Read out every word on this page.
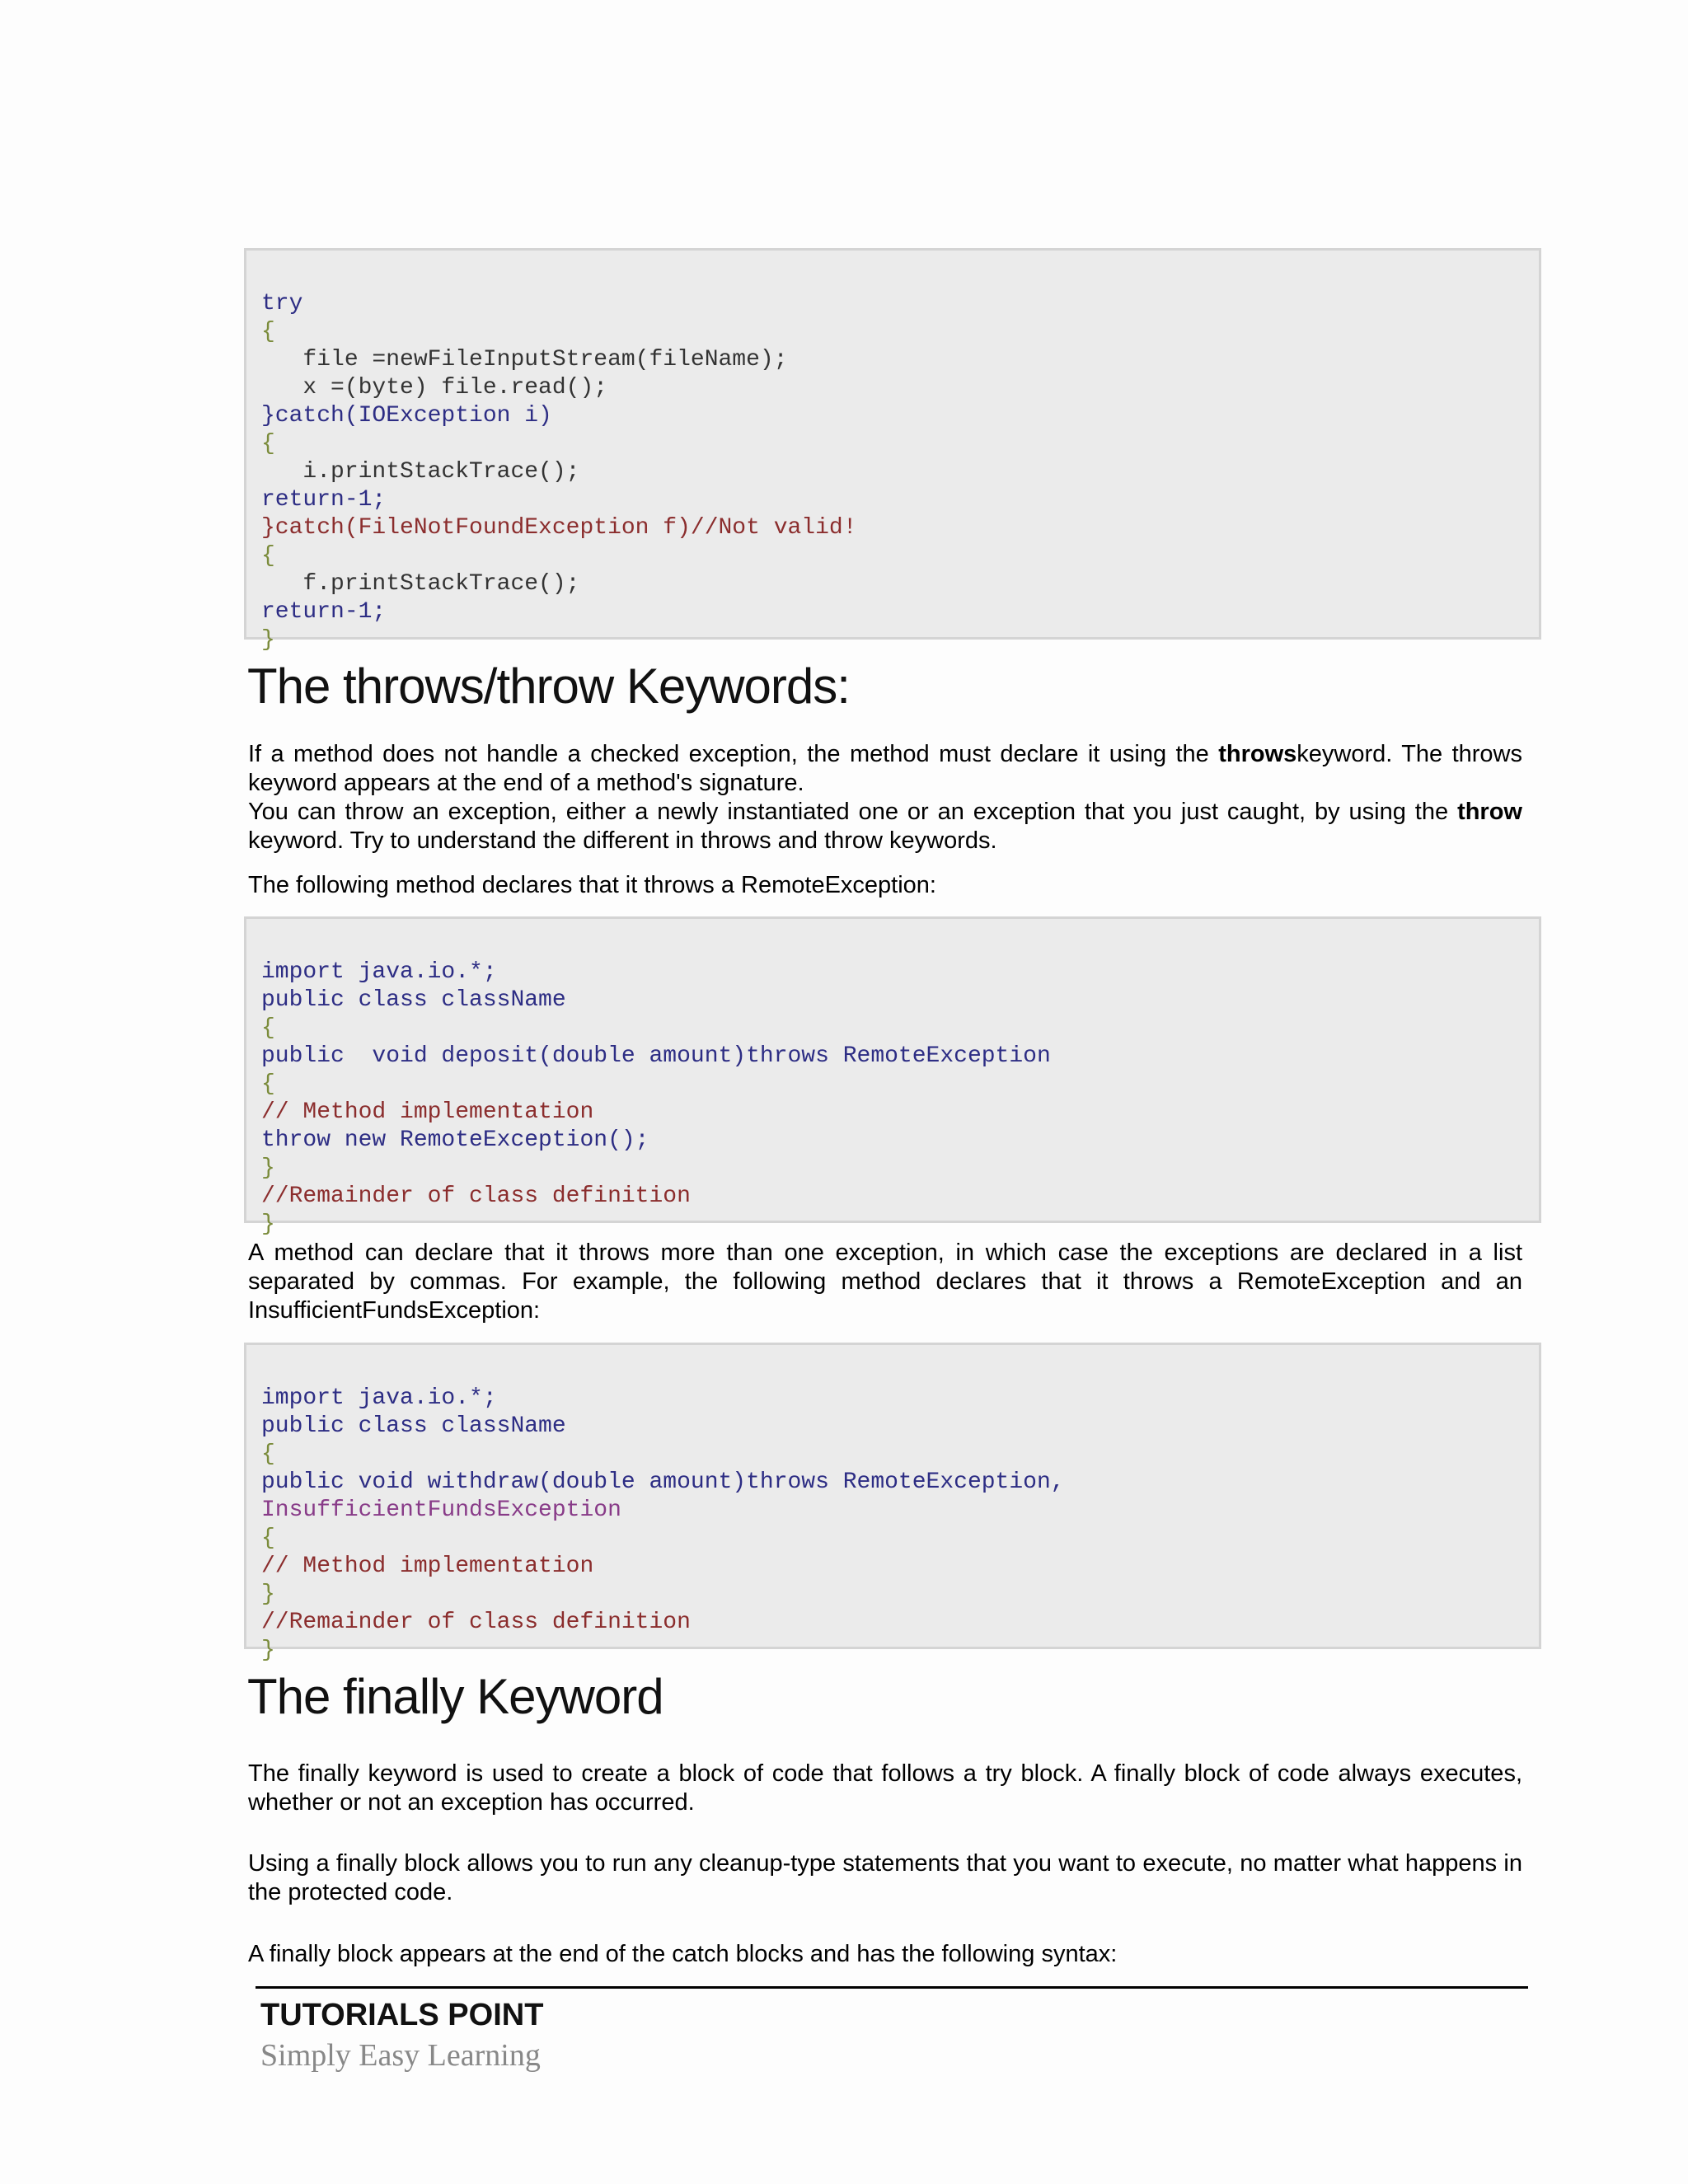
try
{
file =newFileInputStream(fileName);
x =(byte) file.read();
}catch(IOException i)
{
i.printStackTrace();
return-1;
}catch(FileNotFoundException f)//Not valid!
{
f.printStackTrace();
return-1;
}

The throws/throw Keywords:

If a method does not handle a checked exception, the method must declare it using the throwskeyword. The throws keyword appears at the end of a method's signature.
You can throw an exception, either a newly instantiated one or an exception that you just caught, by using the throw keyword. Try to understand the different in throws and throw keywords.

The following method declares that it throws a RemoteException:

import java.io.*;
public class className
{
public  void deposit(double amount)throws RemoteException
{
// Method implementation
throw new RemoteException();
}
//Remainder of class definition
}

A method can declare that it throws more than one exception, in which case the exceptions are declared in a list separated by commas. For example, the following method declares that it throws a RemoteException and an InsufficientFundsException:

import java.io.*;
public class className
{
public void withdraw(double amount)throws RemoteException,
InsufficientFundsException
{
// Method implementation
}
//Remainder of class definition
}

The finally Keyword

The finally keyword is used to create a block of code that follows a try block. A finally block of code always executes, whether or not an exception has occurred.

Using a finally block allows you to run any cleanup-type statements that you want to execute, no matter what happens in the protected code.

A finally block appears at the end of the catch blocks and has the following syntax:

TUTORIALS POINT
Simply Easy Learning
